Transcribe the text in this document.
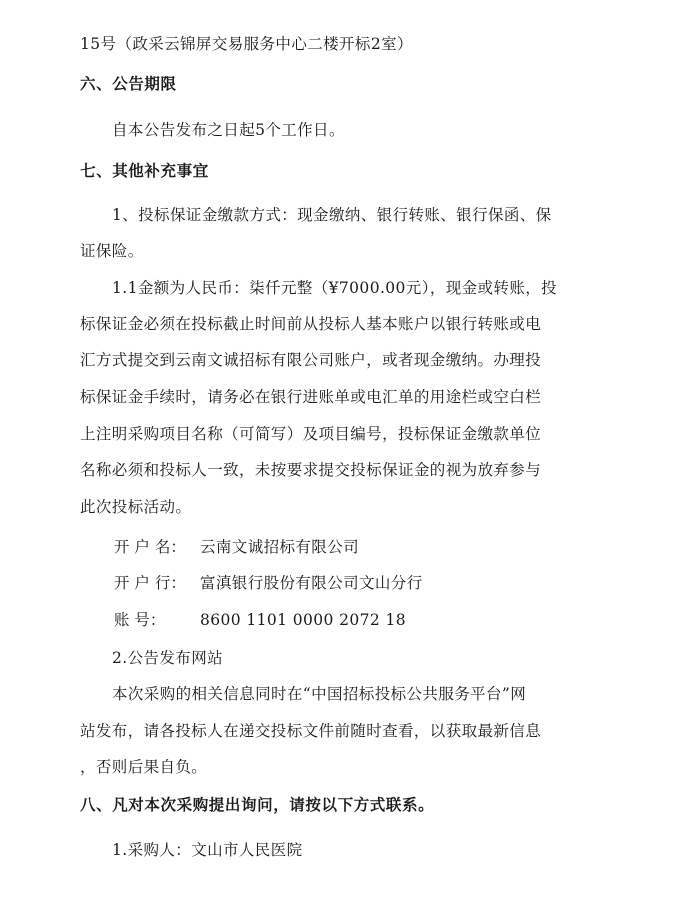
15号（政采云锦屏交易服务中心二楼开标2室）
六、公告期限
自本公告发布之日起5个工作日。
七、其他补充事宜
1、投标保证金缴款方式：现金缴纳、银行转账、银行保函、保
证保险。
1.1金额为人民币：柒仟元整（¥7000.00元），现金或转账，投
标保证金必须在投标截止时间前从投标人基本账户以银行转账或电
汇方式提交到云南文诚招标有限公司账户，或者现金缴纳。办理投
标保证金手续时，请务必在银行进账单或电汇单的用途栏或空白栏
上注明采购项目名称（可简写）及项目编号，投标保证金缴款单位
名称必须和投标人一致，未按要求提交投标保证金的视为放弃参与
此次投标活动。
开 户 名： 云南文诚招标有限公司
开 户 行： 富滇银行股份有限公司文山分行
账 号： 8600 1101 0000 2072 18
2.公告发布网站
本次采购的相关信息同时在“中国招标投标公共服务平台”网
站发布，请各投标人在递交投标文件前随时查看，以获取最新信息
，否则后果自负。
八、凡对本次采购提出询问，请按以下方式联系。
1.采购人：文山市人民医院
